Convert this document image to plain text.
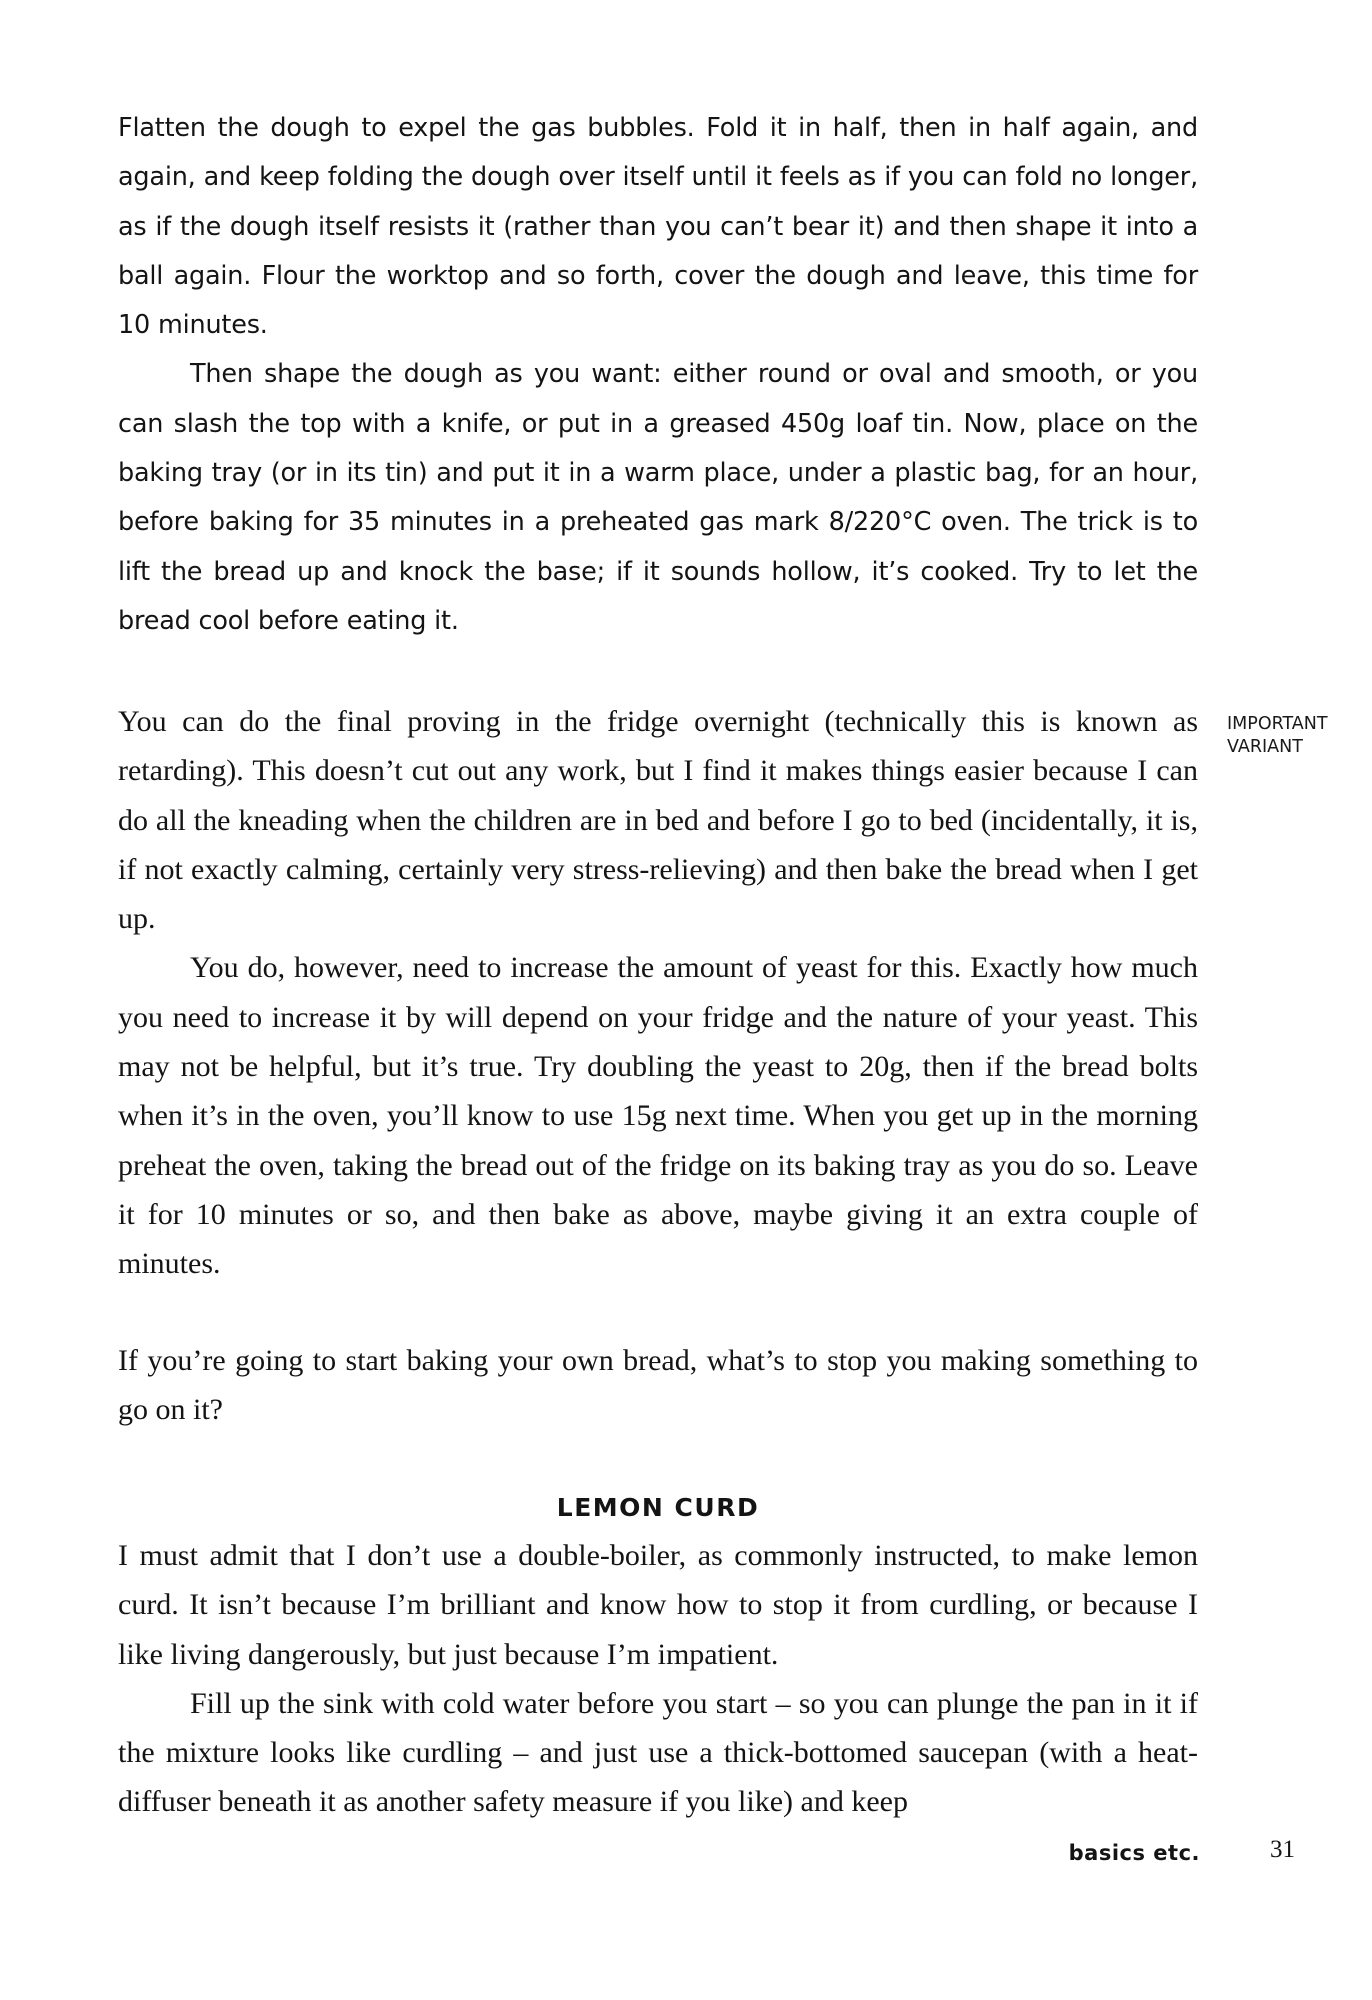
Flatten the dough to expel the gas bubbles. Fold it in half, then in half again, and again, and keep folding the dough over itself until it feels as if you can fold no longer, as if the dough itself resists it (rather than you can’t bear it) and then shape it into a ball again. Flour the worktop and so forth, cover the dough and leave, this time for 10 minutes.

Then shape the dough as you want: either round or oval and smooth, or you can slash the top with a knife, or put in a greased 450g loaf tin. Now, place on the baking tray (or in its tin) and put it in a warm place, under a plastic bag, for an hour, before baking for 35 minutes in a preheated gas mark 8/220°C oven. The trick is to lift the bread up and knock the base; if it sounds hollow, it’s cooked. Try to let the bread cool before eating it.

IMPORTANT
VARIANT

You can do the final proving in the fridge overnight (technically this is known as retarding). This doesn’t cut out any work, but I find it makes things easier because I can do all the kneading when the children are in bed and before I go to bed (incidentally, it is, if not exactly calming, certainly very stress-relieving) and then bake the bread when I get up.

You do, however, need to increase the amount of yeast for this. Exactly how much you need to increase it by will depend on your fridge and the nature of your yeast. This may not be helpful, but it’s true. Try doubling the yeast to 20g, then if the bread bolts when it’s in the oven, you’ll know to use 15g next time. When you get up in the morning preheat the oven, taking the bread out of the fridge on its baking tray as you do so. Leave it for 10 minutes or so, and then bake as above, maybe giving it an extra couple of minutes.

If you’re going to start baking your own bread, what’s to stop you making something to go on it?

LEMON CURD

I must admit that I don’t use a double-boiler, as commonly instructed, to make lemon curd. It isn’t because I’m brilliant and know how to stop it from curdling, or because I like living dangerously, but just because I’m impatient.

Fill up the sink with cold water before you start – so you can plunge the pan in it if the mixture looks like curdling – and just use a thick-bottomed saucepan (with a heat-diffuser beneath it as another safety measure if you like) and keep

basics etc.	31
